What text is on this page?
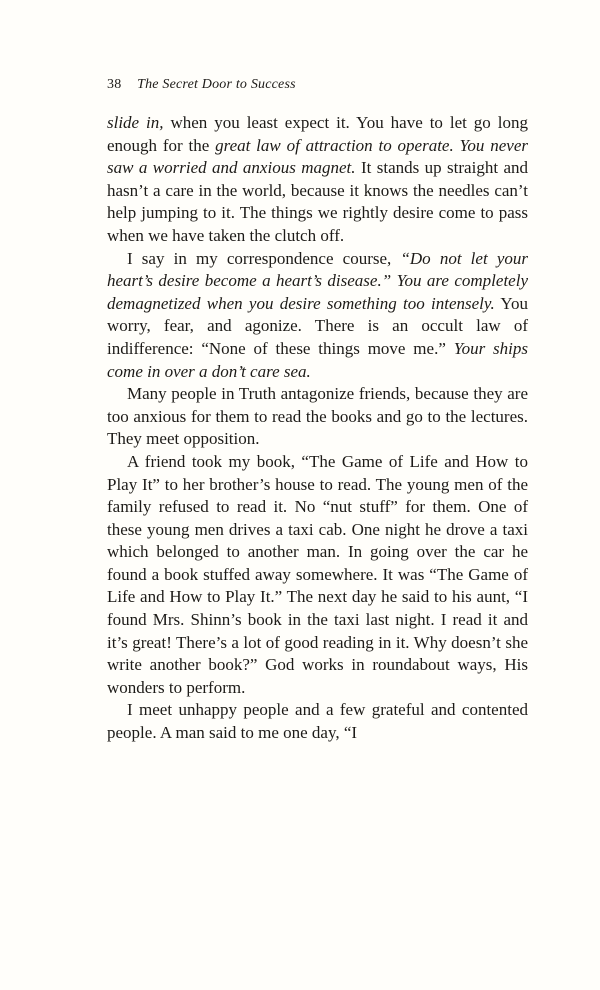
38 The Secret Door to Success

slide in, when you least expect it. You have to let go long enough for the great law of attraction to operate. You never saw a worried and anxious magnet. It stands up straight and hasn’t a care in the world, because it knows the needles can’t help jumping to it. The things we rightly desire come to pass when we have taken the clutch off.

I say in my correspondence course, “Do not let your heart’s desire become a heart’s disease.” You are completely demagnetized when you desire something too intensely. You worry, fear, and agonize. There is an occult law of indifference: “None of these things move me.” Your ships come in over a don’t care sea.

Many people in Truth antagonize friends, because they are too anxious for them to read the books and go to the lectures. They meet opposition.

A friend took my book, “The Game of Life and How to Play It” to her brother’s house to read. The young men of the family refused to read it. No “nut stuff” for them. One of these young men drives a taxi cab. One night he drove a taxi which belonged to another man. In going over the car he found a book stuffed away somewhere. It was “The Game of Life and How to Play It.” The next day he said to his aunt, “I found Mrs. Shinn’s book in the taxi last night. I read it and it’s great! There’s a lot of good reading in it. Why doesn’t she write another book?” God works in roundabout ways, His wonders to perform.

I meet unhappy people and a few grateful and contented people. A man said to me one day, “I
